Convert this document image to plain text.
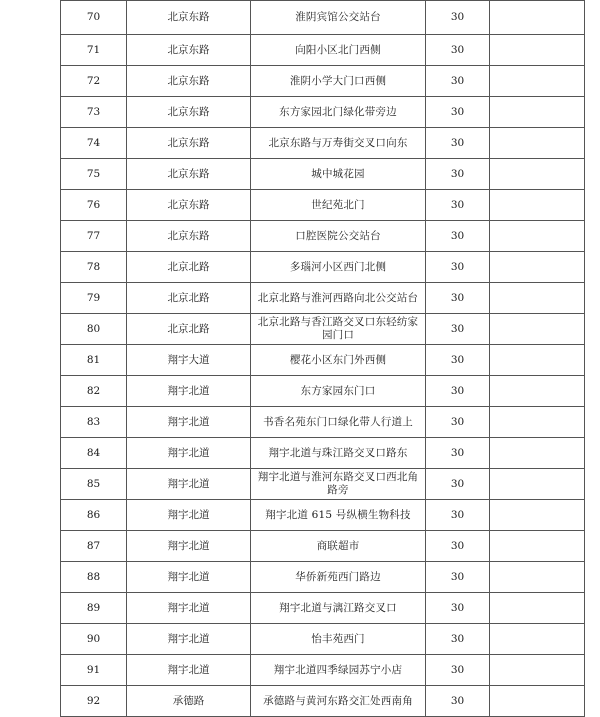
70	北京东路	淮阴宾馆公交站台	30	
71	北京东路	向阳小区北门西侧	30	
72	北京东路	淮阴小学大门口西侧	30	
73	北京东路	东方家园北门绿化带旁边	30	
74	北京东路	北京东路与万寿街交叉口向东	30	
75	北京东路	城中城花园	30	
76	北京东路	世纪苑北门	30	
77	北京东路	口腔医院公交站台	30	
78	北京北路	多瑙河小区西门北侧	30	
79	北京北路	北京北路与淮河西路向北公交站台	30	
80	北京北路	北京北路与香江路交叉口东轻纺家园门口	30	
81	翔宇大道	樱花小区东门外西侧	30	
82	翔宇北道	东方家园东门口	30	
83	翔宇北道	书香名苑东门口绿化带人行道上	30	
84	翔宇北道	翔宇北道与珠江路交叉口路东	30	
85	翔宇北道	翔宇北道与淮河东路交叉口西北角路旁	30	
86	翔宇北道	翔宇北道 615 号纵横生物科技	30	
87	翔宇北道	商联超市	30	
88	翔宇北道	华侨新苑西门路边	30	
89	翔宇北道	翔宇北道与漓江路交叉口	30	
90	翔宇北道	怡丰苑西门	30	
91	翔宇北道	翔宇北道四季绿园苏宁小店	30	
92	承德路	承德路与黄河东路交汇处西南角	30	
